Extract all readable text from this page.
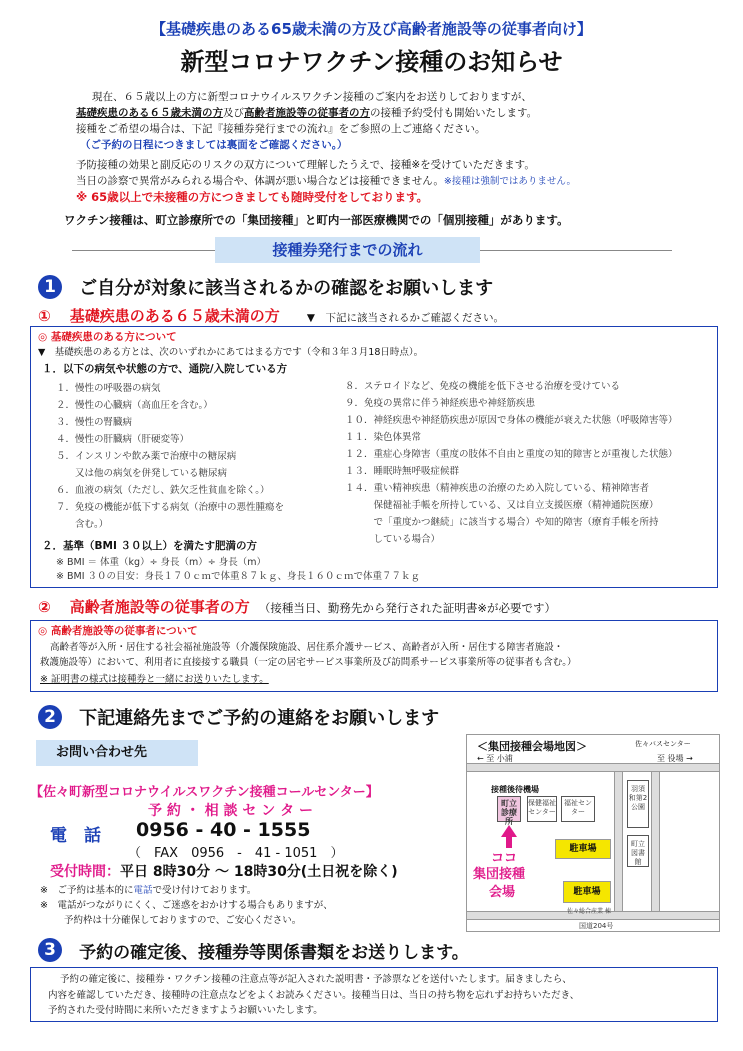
【基礎疾患のある65歳未満の方及び高齢者施設等の従事者向け】
新型コロナワクチン接種のお知らせ
現在、６５歳以上の方に新型コロナウイルスワクチン接種のご案内をお送りしておりますが、
基礎疾患のある６５歳未満の方及び高齢者施設等の従事者の方の接種予約受付も開始いたします。
接種をご希望の場合は、下記『接種券発行までの流れ』をご参照の上ご連絡ください。
（ご予約の日程につきましては裏面をご確認ください。）
予防接種の効果と副反応のリスクの双方について理解したうえで、接種※を受けていただきます。
当日の診察で異常がみられる場合や、体調が悪い場合などは接種できません。※接種は強制ではありません。
※ 65歳以上で未接種の方につきましても随時受付をしております。
ワクチン接種は、町立診療所での「集団接種」と町内一部医療機関での「個別接種」があります。
接種券発行までの流れ
1 ご自分が対象に該当されるかの確認をお願いします
① 基礎疾患のある６５歳未満の方	▼　下記に該当されるかご確認ください。
◎ 基礎疾患のある方について
▼　基礎疾患のある方とは、次のいずれかにあてはまる方です（令和３年３月18日時点）。
１．以下の病気や状態の方で、通院/入院している方
１．慢性の呼吸器の病気
２．慢性の心臓病（高血圧を含む。）
３．慢性の腎臓病
４．慢性の肝臓病（肝硬変等）
５．インスリンや飲み薬で治療中の糖尿病
　　又は他の病気を併発している糖尿病
６．血液の病気（ただし、鉄欠乏性貧血を除く。）
７．免疫の機能が低下する病気（治療中の悪性腫瘍を
　　含む。）
８．ステロイドなど、免疫の機能を低下させる治療を受けている
９．免疫の異常に伴う神経疾患や神経筋疾患
１０．神経疾患や神経筋疾患が原因で身体の機能が衰えた状態（呼吸障害等）
１１．染色体異常
１２．重症心身障害（重度の肢体不自由と重度の知的障害とが重複した状態）
１３．睡眠時無呼吸症候群
１４．重い精神疾患（精神疾患の治療のため入院している、精神障害者
　　　保健福祉手帳を所持している、又は自立支援医療（精神通院医療）
　　　で「重度かつ継続」に該当する場合）や知的障害（療育手帳を所持
　　　している場合）
２．基準（BMI ３０以上）を満たす肥満の方
※ BMI ＝ 体重（kg）÷ 身長（m）÷ 身長（m）
※ BMI ３０の目安：身長１７０ｃｍで体重８７ｋｇ、身長１６０ｃｍで体重７７ｋｇ
② 高齢者施設等の従事者の方 （接種当日、勤務先から発行された証明書※が必要です）
◎ 高齢者施設等の従事者について
高齢者等が入所・居住する社会福祉施設等（介護保険施設、居住系介護サービス、高齢者が入所・居住する障害者施設・
救護施設等）において、利用者に直接接する職員（一定の居宅サービス事業所及び訪問系サービス事業所等の従事者も含む。）
※ 証明書の様式は接種券と一緒にお送りいたします。
2 下記連絡先までご予約の連絡をお願いします
お問い合わせ先
【佐々町新型コロナウイルスワクチン接種コールセンター】
予 約 ・ 相 談 セ ン タ ー
電　話 0956 - 40 - 1555
（　FAX　0956　-　41 - 1051　）
受付時間：平日 8時30分 ～ 18時30分(土日祝を除く)
※　ご予約は基本的に電話で受け付けております。
※　電話がつながりにくく、ご迷惑をおかけする場合もありますが、
予約枠は十分確保しておりますので、ご安心ください。
＜集団接種会場地図＞	佐々バスセンター
← 至 小浦	至 役場 →
接種後待機場
町立診療所
保健福祉センター
福祉センター
羽須和第2公園
町立図書館
駐車場
駐車場
ココ
集団接種
会場
佐々総合産業 棟
国道204号
3 予約の確定後、接種券等関係書類をお送りします。
予約の確定後に、接種券・ワクチン接種の注意点等が記入された説明書・予診票などを送付いたします。届きましたら、
内容を確認していただき、接種時の注意点などをよくお読みください。接種当日は、当日の持ち物を忘れずお持ちいただき、
予約された受付時間に来所いただきますようお願いいたします。
